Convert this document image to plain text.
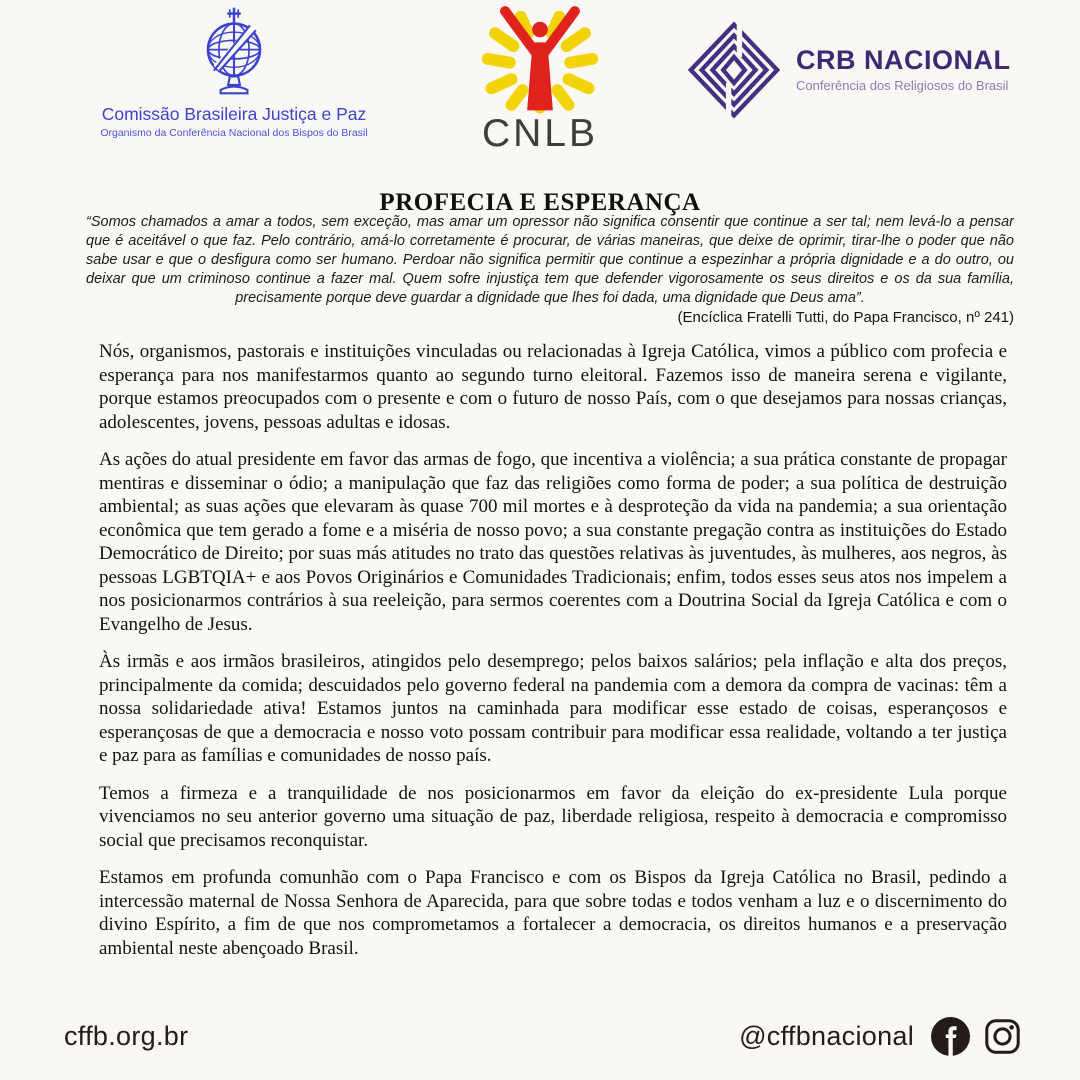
Comissão Brasileira Justiça e Paz
Organismo da Conferência Nacional dos Bispos do Brasil	CNLB
CRB NACIONAL
Conferência dos Religiosos do Brasil
PROFECIA E ESPERANÇA
“Somos chamados a amar a todos, sem exceção, mas amar um opressor não significa consentir que continue a ser tal; nem levá-lo a pensar que é aceitável o que faz. Pelo contrário, amá-lo corretamente é procurar, de várias maneiras, que deixe de oprimir, tirar-lhe o poder que não sabe usar e que o desfigura como ser humano. Perdoar não significa permitir que continue a espezinhar a própria dignidade e a do outro, ou deixar que um criminoso continue a fazer mal. Quem sofre injustiça tem que defender vigorosamente os seus direitos e os da sua família, precisamente porque deve guardar a dignidade que lhes foi dada, uma dignidade que Deus ama”.
(Encíclica Fratelli Tutti, do Papa Francisco, nº 241)

Nós, organismos, pastorais e instituições vinculadas ou relacionadas à Igreja Católica, vimos a público com profecia e esperança para nos manifestarmos quanto ao segundo turno eleitoral. Fazemos isso de maneira serena e vigilante, porque estamos preocupados com o presente e com o futuro de nosso País, com o que desejamos para nossas crianças, adolescentes, jovens, pessoas adultas e idosas.

As ações do atual presidente em favor das armas de fogo, que incentiva a violência; a sua prática constante de propagar mentiras e disseminar o ódio; a manipulação que faz das religiões como forma de poder; a sua política de destruição ambiental; as suas ações que elevaram às quase 700 mil mortes e à desproteção da vida na pandemia; a sua orientação econômica que tem gerado a fome e a miséria de nosso povo; a sua constante pregação contra as instituições do Estado Democrático de Direito; por suas más atitudes no trato das questões relativas às juventudes, às mulheres, aos negros, às pessoas LGBTQIA+ e aos Povos Originários e Comunidades Tradicionais; enfim, todos esses seus atos nos impelem a nos posicionarmos contrários à sua reeleição, para sermos coerentes com a Doutrina Social da Igreja Católica e com o Evangelho de Jesus.

Às irmãs e aos irmãos brasileiros, atingidos pelo desemprego; pelos baixos salários; pela inflação e alta dos preços, principalmente da comida; descuidados pelo governo federal na pandemia com a demora da compra de vacinas: têm a nossa solidariedade ativa! Estamos juntos na caminhada para modificar esse estado de coisas, esperançosos e esperançosas de que a democracia e nosso voto possam contribuir para modificar essa realidade, voltando a ter justiça e paz para as famílias e comunidades de nosso país.

Temos a firmeza e a tranquilidade de nos posicionarmos em favor da eleição do ex-presidente Lula porque vivenciamos no seu anterior governo uma situação de paz, liberdade religiosa, respeito à democracia e compromisso social que precisamos reconquistar.

Estamos em profunda comunhão com o Papa Francisco e com os Bispos da Igreja Católica no Brasil, pedindo a intercessão maternal de Nossa Senhora de Aparecida, para que sobre todas e todos venham a luz e o discernimento do divino Espírito, a fim de que nos comprometamos a fortalecer a democracia, os direitos humanos e a preservação ambiental neste abençoado Brasil.

cffb.org.br	@cffbnacional
